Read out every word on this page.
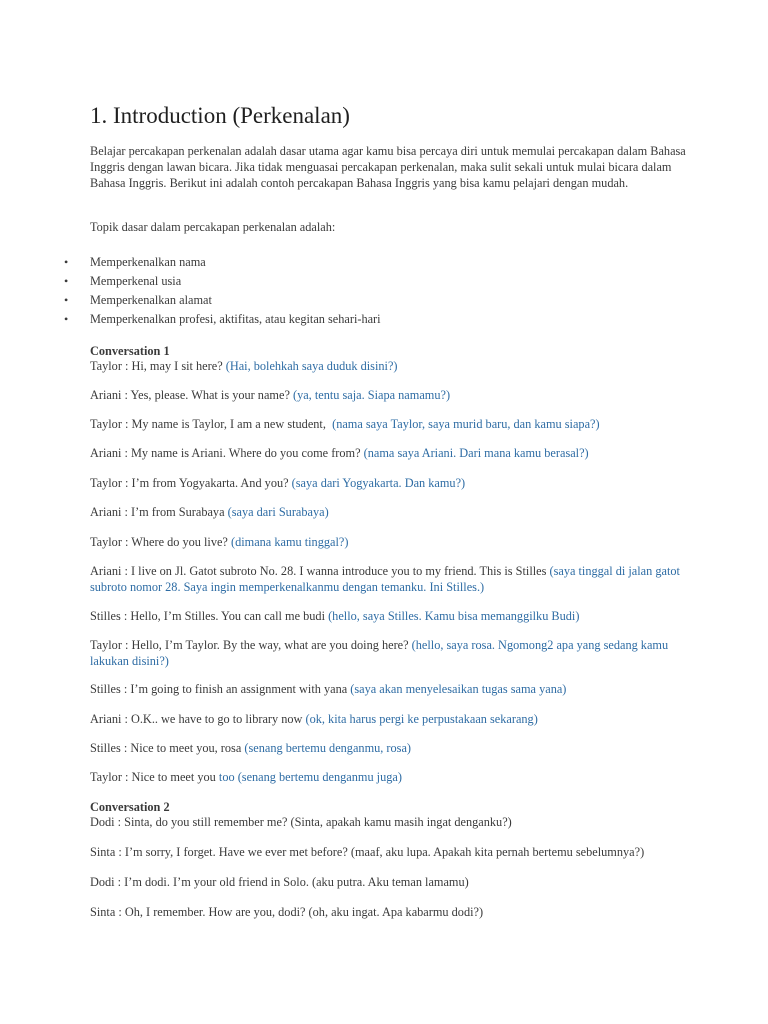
1. Introduction (Perkenalan)

Belajar percakapan perkenalan adalah dasar utama agar kamu bisa percaya diri untuk memulai percakapan dalam Bahasa Inggris dengan lawan bicara. Jika tidak menguasai percakapan perkenalan, maka sulit sekali untuk mulai bicara dalam Bahasa Inggris. Berikut ini adalah contoh percakapan Bahasa Inggris yang bisa kamu pelajari dengan mudah.

Topik dasar dalam percakapan perkenalan adalah:

• Memperkenalkan nama
• Memperkenal usia
• Memperkenalkan alamat
• Memperkenalkan profesi, aktifitas, atau kegitan sehari-hari

Conversation 1

Taylor : Hi, may I sit here? (Hai, bolehkah saya duduk disini?)

Ariani : Yes, please. What is your name? (ya, tentu saja. Siapa namamu?)

Taylor : My name is Taylor, I am a new student, (nama saya Taylor, saya murid baru, dan kamu siapa?)

Ariani : My name is Ariani. Where do you come from? (nama saya Ariani. Dari mana kamu berasal?)

Taylor : I’m from Yogyakarta. And you? (saya dari Yogyakarta. Dan kamu?)

Ariani : I’m from Surabaya (saya dari Surabaya)

Taylor : Where do you live? (dimana kamu tinggal?)

Ariani : I live on Jl. Gatot subroto No. 28. I wanna introduce you to my friend. This is Stilles (saya tinggal di jalan gatot subroto nomor 28. Saya ingin memperkenalkanmu dengan temanku. Ini Stilles.)

Stilles : Hello, I’m Stilles. You can call me budi (hello, saya Stilles. Kamu bisa memanggilku Budi)

Taylor : Hello, I’m Taylor. By the way, what are you doing here? (hello, saya rosa. Ngomong2 apa yang sedang kamu lakukan disini?)

Stilles : I’m going to finish an assignment with yana (saya akan menyelesaikan tugas sama yana)

Ariani : O.K.. we have to go to library now (ok, kita harus pergi ke perpustakaan sekarang)

Stilles : Nice to meet you, rosa (senang bertemu denganmu, rosa)

Taylor : Nice to meet you too (senang bertemu denganmu juga)

Conversation 2

Dodi : Sinta, do you still remember me? (Sinta, apakah kamu masih ingat denganku?)

Sinta : I’m sorry, I forget. Have we ever met before? (maaf, aku lupa. Apakah kita pernah bertemu sebelumnya?)

Dodi : I’m dodi. I’m your old friend in Solo. (aku putra. Aku teman lamamu)

Sinta : Oh, I remember. How are you, dodi? (oh, aku ingat. Apa kabarmu dodi?)
